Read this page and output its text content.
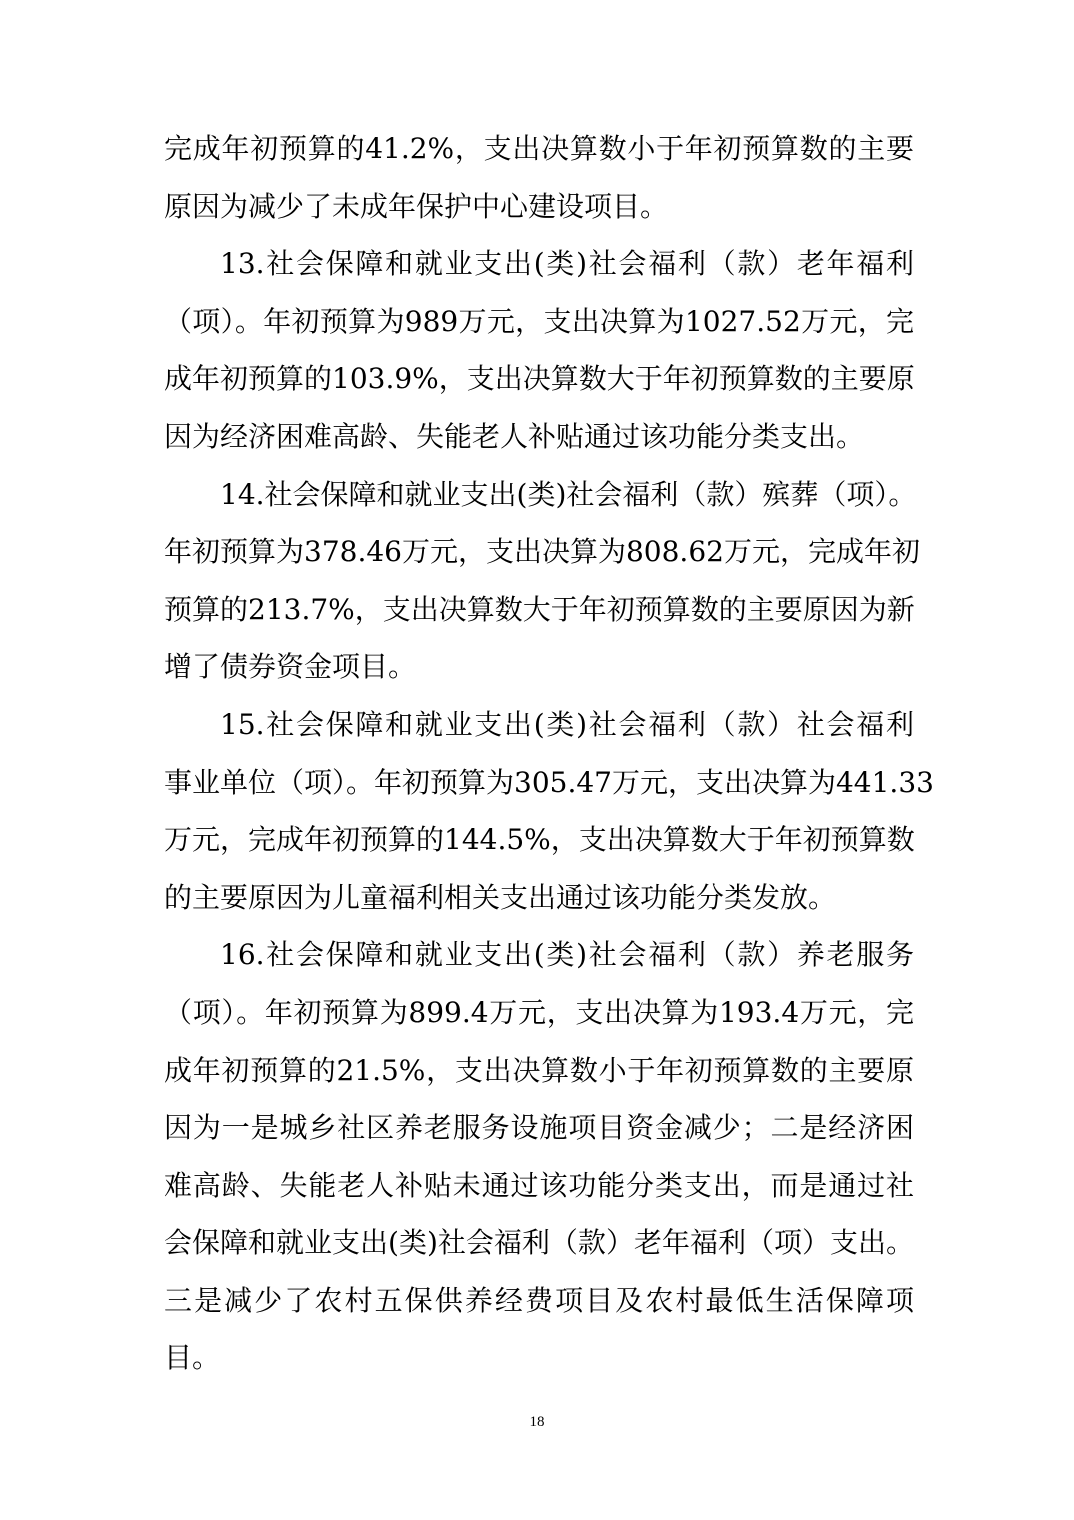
完成年初预算的41.2%，支出决算数小于年初预算数的主要
原因为减少了未成年保护中心建设项目。
13.社会保障和就业支出(类)社会福利（款）老年福利
（项）。年初预算为989万元，支出决算为1027.52万元，完
成年初预算的103.9%，支出决算数大于年初预算数的主要原
因为经济困难高龄、失能老人补贴通过该功能分类支出。
14.社会保障和就业支出(类)社会福利（款）殡葬（项）。
年初预算为378.46万元，支出决算为808.62万元，完成年初
预算的213.7%，支出决算数大于年初预算数的主要原因为新
增了债券资金项目。
15.社会保障和就业支出(类)社会福利（款）社会福利
事业单位（项）。年初预算为305.47万元，支出决算为441.33
万元，完成年初预算的144.5%，支出决算数大于年初预算数
的主要原因为儿童福利相关支出通过该功能分类发放。
16.社会保障和就业支出(类)社会福利（款）养老服务
（项）。年初预算为899.4万元，支出决算为193.4万元，完
成年初预算的21.5%，支出决算数小于年初预算数的主要原
因为一是城乡社区养老服务设施项目资金减少；二是经济困
难高龄、失能老人补贴未通过该功能分类支出，而是通过社
会保障和就业支出(类)社会福利（款）老年福利（项）支出。
三是减少了农村五保供养经费项目及农村最低生活保障项
目。
18
